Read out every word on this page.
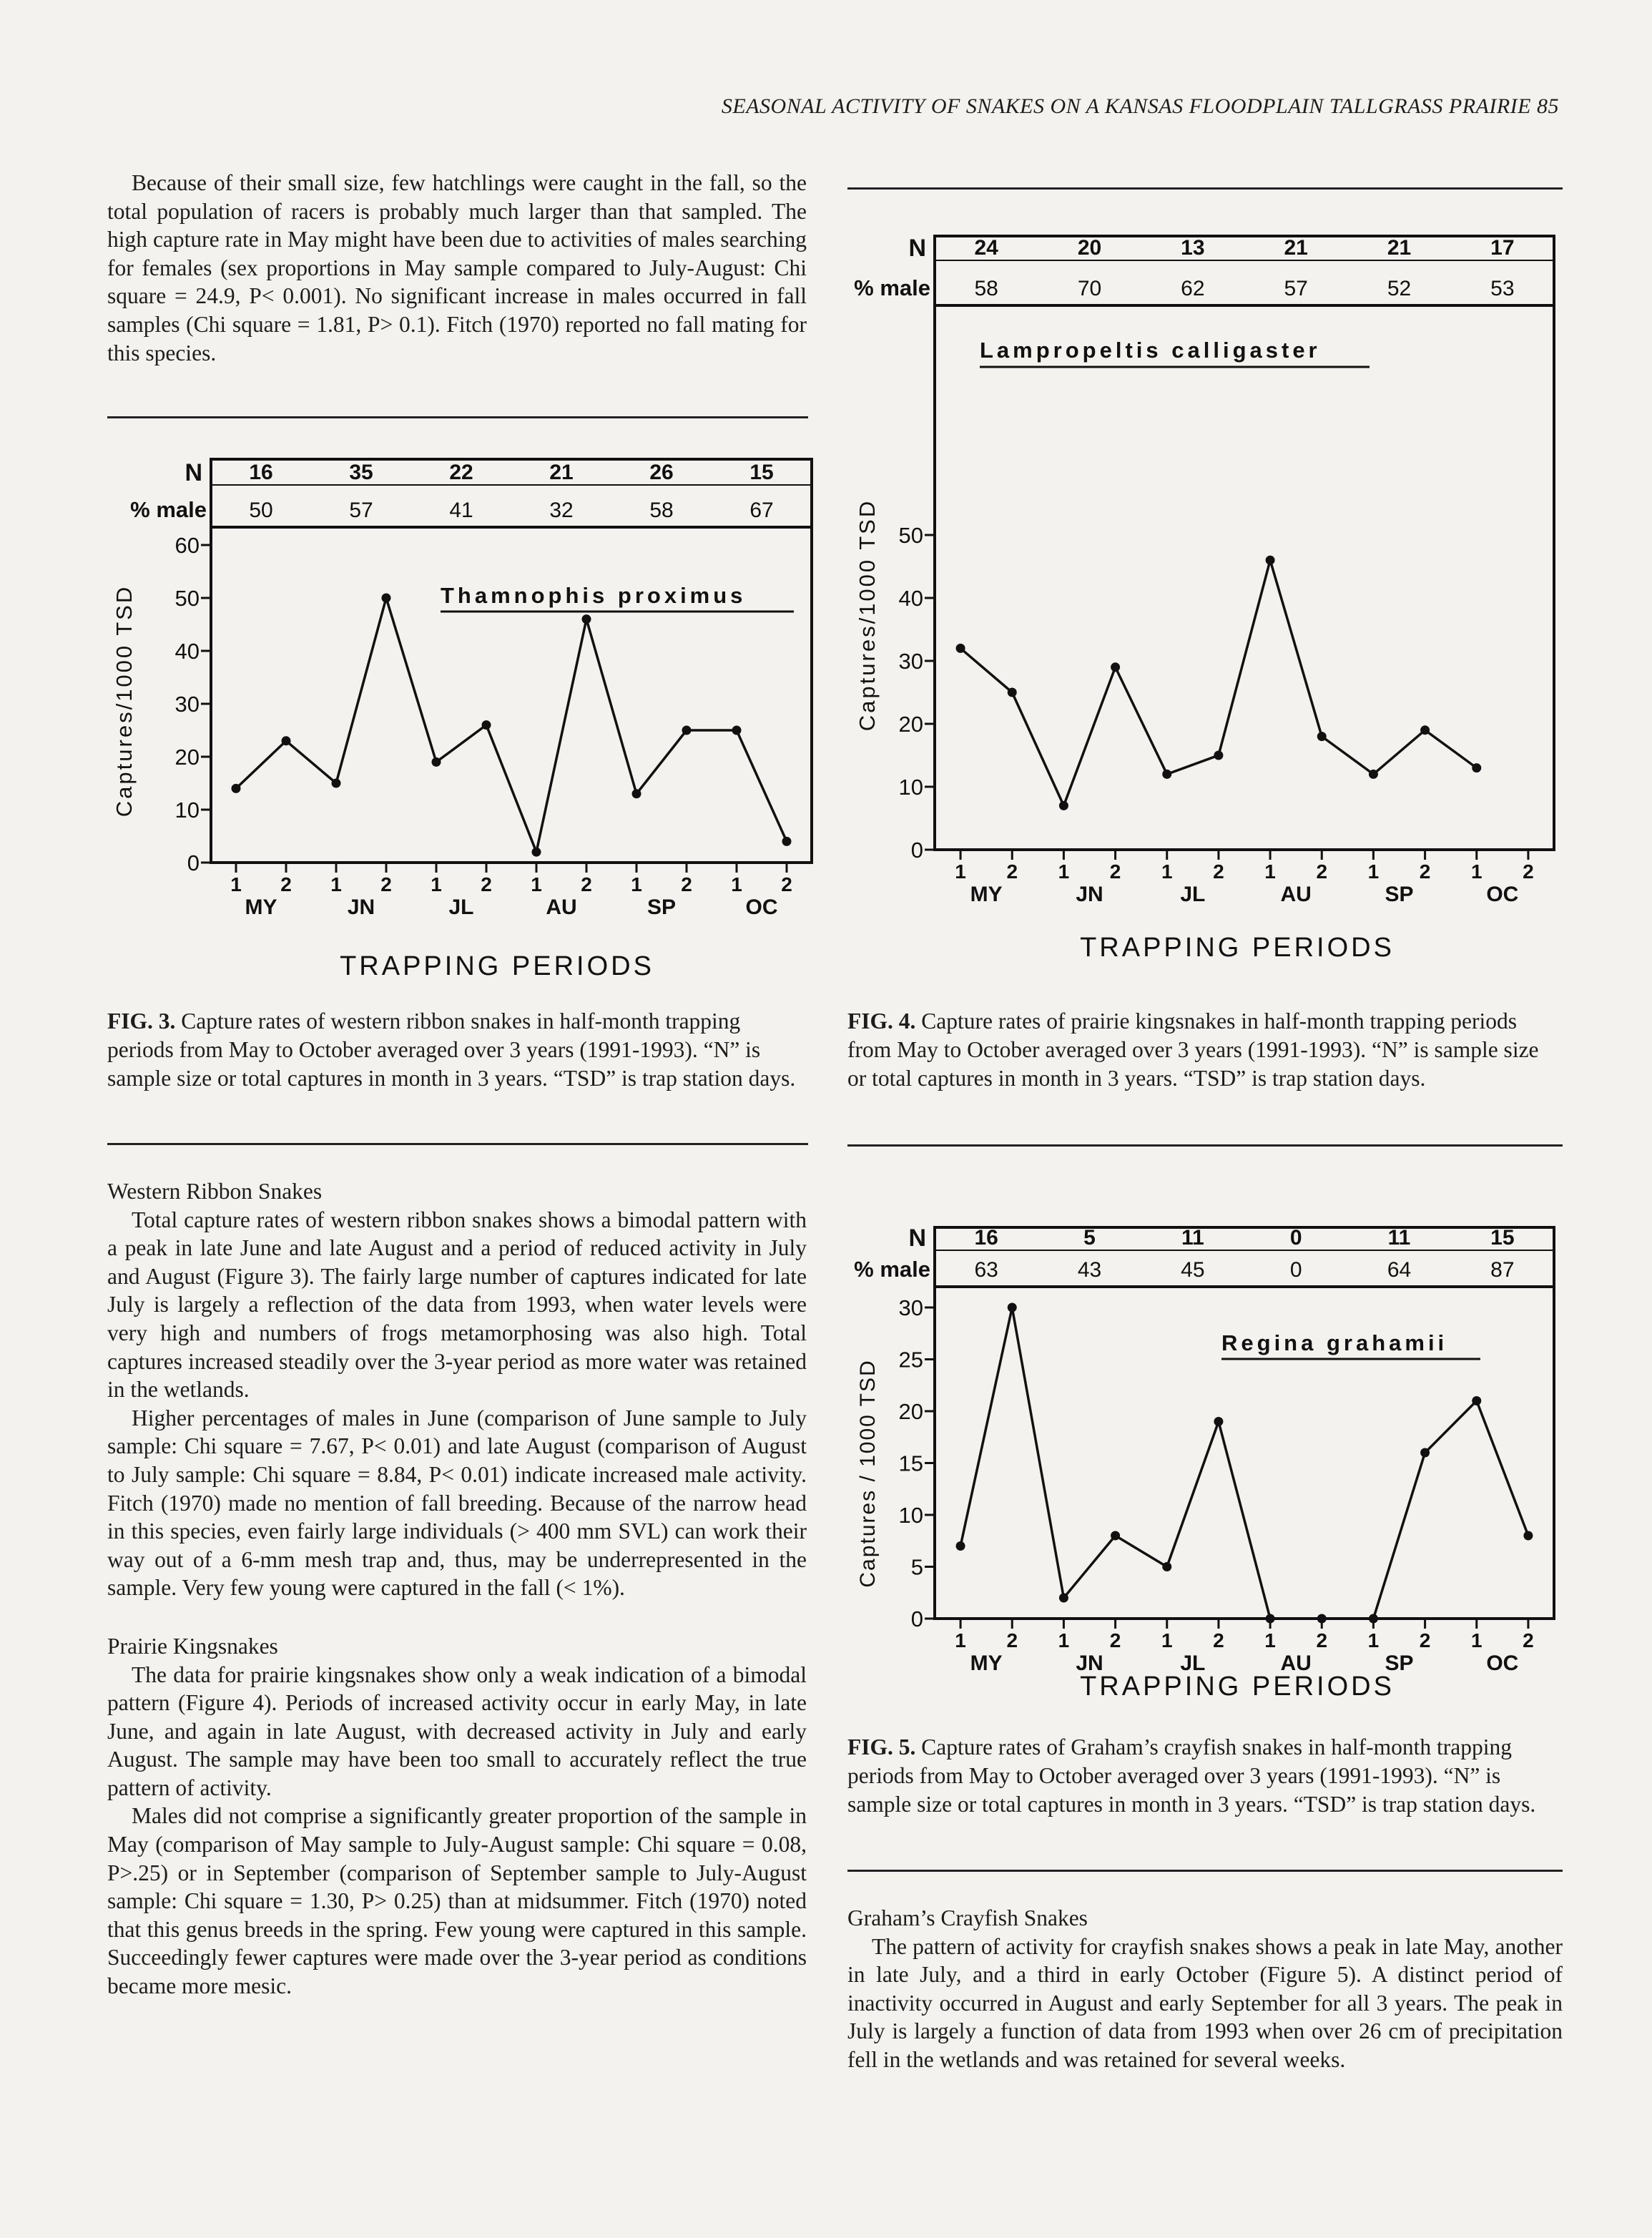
SEASONAL ACTIVITY OF SNAKES ON A KANSAS FLOODPLAIN TALLGRASS PRAIRIE 85

Because of their small size, few hatchlings were caught in the fall, so the total population of racers is probably much larger than that sampled. The high capture rate in May might have been due to activities of males searching for females (sex proportions in May sample compared to July-August: Chi square = 24.9, P< 0.001). No significant increase in males occurred in fall samples (Chi square = 1.81, P> 0.1). Fitch (1970) reported no fall mating for this species.

Thamnophis proximus
TRAPPING PERIODS
Captures/1000 TSD
N
% male
16
50
MY
35
57
JN
22
41
JL
21
32
AU
26
58
SP
15
67
OC
0
10
20
30
40
50
60
1 2 1 2 1 2 1 2 1 2 1 2
FIG. 3. Capture rates of western ribbon snakes in half-month trapping periods from May to October averaged over 3 years (1991-1993). “N” is sample size or total captures in month in 3 years. “TSD” is trap station days.
Western Ribbon Snakes

Total capture rates of western ribbon snakes shows a bimodal pattern with a peak in late June and late August and a period of reduced activity in July and August (Figure 3). The fairly large number of captures indicated for late July is largely a reflection of the data from 1993, when water levels were very high and numbers of frogs metamorphosing was also high. Total captures increased steadily over the 3-year period as more water was retained in the wetlands.

Higher percentages of males in June (comparison of June sample to July sample: Chi square = 7.67, P< 0.01) and late August (comparison of August to July sample: Chi square = 8.84, P< 0.01) indicate increased male activity. Fitch (1970) made no mention of fall breeding. Because of the narrow head in this species, even fairly large individuals (> 400 mm SVL) can work their way out of a 6-mm mesh trap and, thus, may be underrepresented in the sample. Very few young were captured in the fall (< 1%).

Prairie Kingsnakes

The data for prairie kingsnakes show only a weak indication of a bimodal pattern (Figure 4). Periods of increased activity occur in early May, in late June, and again in late August, with decreased activity in July and early August. The sample may have been too small to accurately reflect the true pattern of activity.

Males did not comprise a significantly greater proportion of the sample in May (comparison of May sample to July-August sample: Chi square = 0.08, P>.25) or in September (comparison of September sample to July-August sample: Chi square = 1.30, P> 0.25) than at midsummer. Fitch (1970) noted that this genus breeds in the spring. Few young were captured in this sample. Succeedingly fewer captures were made over the 3-year period as conditions became more mesic.

Lampropeltis calligaster
TRAPPING PERIODS
Captures/1000 TSD
N
% male
24
58
MY
20
70
JN
13
62
JL
21
57
AU
21
52
SP
17
53
OC
0
10
20
30
40
50
1 2 1 2 1 2 1 2 1 2 1 2
FIG. 4. Capture rates of prairie kingsnakes in half-month trapping periods from May to October averaged over 3 years (1991-1993). “N” is sample size or total captures in month in 3 years. “TSD” is trap station days.
Regina grahamii
TRAPPING PERIODS
Captures / 1000 TSD
N
% male
16
63
MY
5
43
JN
11
45
JL
0
0
AU
11
64
SP
15
87
OC
0
5
10
15
20
25
30
1 2 1 2 1 2 1 2 1 2 1 2
FIG. 5. Capture rates of Graham’s crayfish snakes in half-month trapping periods from May to October averaged over 3 years (1991-1993). “N” is sample size or total captures in month in 3 years. “TSD” is trap station days.
Graham’s Crayfish Snakes

The pattern of activity for crayfish snakes shows a peak in late May, another in late July, and a third in early October (Figure 5). A distinct period of inactivity occurred in August and early September for all 3 years. The peak in July is largely a function of data from 1993 when over 26 cm of precipitation fell in the wetlands and was retained for several weeks.
